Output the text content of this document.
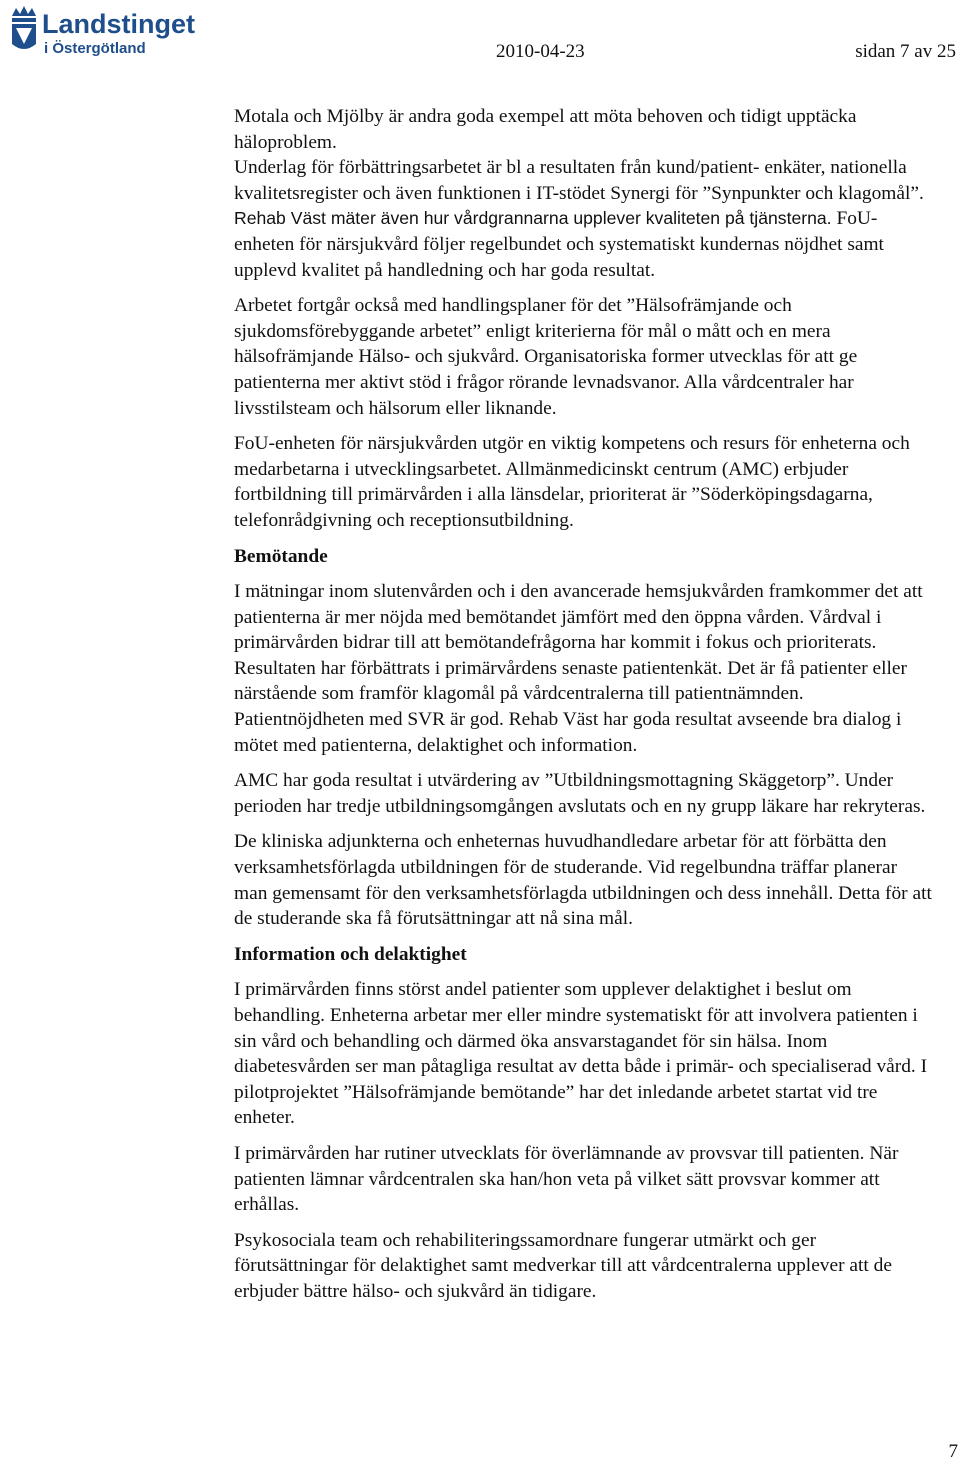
Landstinget
i Östergötland	2010-04-23	sidan 7 av 25

Motala och Mjölby är andra goda exempel att möta behoven och tidigt upptäcka häloproblem.

Underlag för förbättringsarbetet är bl a resultaten från kund/patient- enkäter, nationella kvalitetsregister och även funktionen i IT-stödet Synergi för ”Synpunkter och klagomål”. Rehab Väst mäter även hur vårdgrannarna upplever kvaliteten på tjänsterna. FoU-enheten för närsjukvård följer regelbundet och systematiskt kundernas nöjdhet samt upplevd kvalitet på handledning och har goda resultat.

Arbetet fortgår också med handlingsplaner för det ”Hälsofrämjande och sjukdomsförebyggande arbetet” enligt kriterierna för mål o mått och en mera hälsofrämjande Hälso- och sjukvård. Organisatoriska former utvecklas för att ge patienterna mer aktivt stöd i frågor rörande levnadsvanor. Alla vårdcentraler har livsstilsteam och hälsorum eller liknande.

FoU-enheten för närsjukvården utgör en viktig kompetens och resurs för enheterna och medarbetarna i utvecklingsarbetet. Allmänmedicinskt centrum (AMC) erbjuder fortbildning till primärvården i alla länsdelar, prioriterat är ”Söderköpingsdagarna, telefonrådgivning och receptionsutbildning.

Bemötande

I mätningar inom slutenvården och i den avancerade hemsjukvården framkommer det att patienterna är mer nöjda med bemötandet jämfört med den öppna vården. Vårdval i primärvården bidrar till att bemötandefrågorna har kommit i fokus och prioriterats. Resultaten har förbättrats i primärvårdens senaste patientenkät. Det är få patienter eller närstående som framför klagomål på vårdcentralerna till patientnämnden. Patientnöjdheten med SVR är god. Rehab Väst har goda resultat avseende bra dialog i mötet med patienterna, delaktighet och information.

AMC har goda resultat i utvärdering av ”Utbildningsmottagning Skäggetorp”. Under perioden har tredje utbildningsomgången avslutats och en ny grupp läkare har rekryteras.

De kliniska adjunkterna och enheternas huvudhandledare arbetar för att förbätta den verksamhetsförlagda utbildningen för de studerande. Vid regelbundna träffar planerar man gemensamt för den verksamhetsförlagda utbildningen och dess innehåll. Detta för att de studerande ska få förutsättningar att nå sina mål.

Information och delaktighet

I primärvården finns störst andel patienter som upplever delaktighet i beslut om behandling. Enheterna arbetar mer eller mindre systematiskt för att involvera patienten i sin vård och behandling och därmed öka ansvarstagandet för sin hälsa. Inom diabetesvården ser man påtagliga resultat av detta både i primär- och specialiserad vård. I pilotprojektet ”Hälsofrämjande bemötande” har det inledande arbetet startat vid tre enheter.

I primärvården har rutiner utvecklats för överlämnande av provsvar till patienten. När patienten lämnar vårdcentralen ska han/hon veta på vilket sätt provsvar kommer att erhållas.

Psykosociala team och rehabiliteringssamordnare fungerar utmärkt och ger förutsättningar för delaktighet samt medverkar till att vårdcentralerna upplever att de erbjuder bättre hälso- och sjukvård än tidigare.

7
